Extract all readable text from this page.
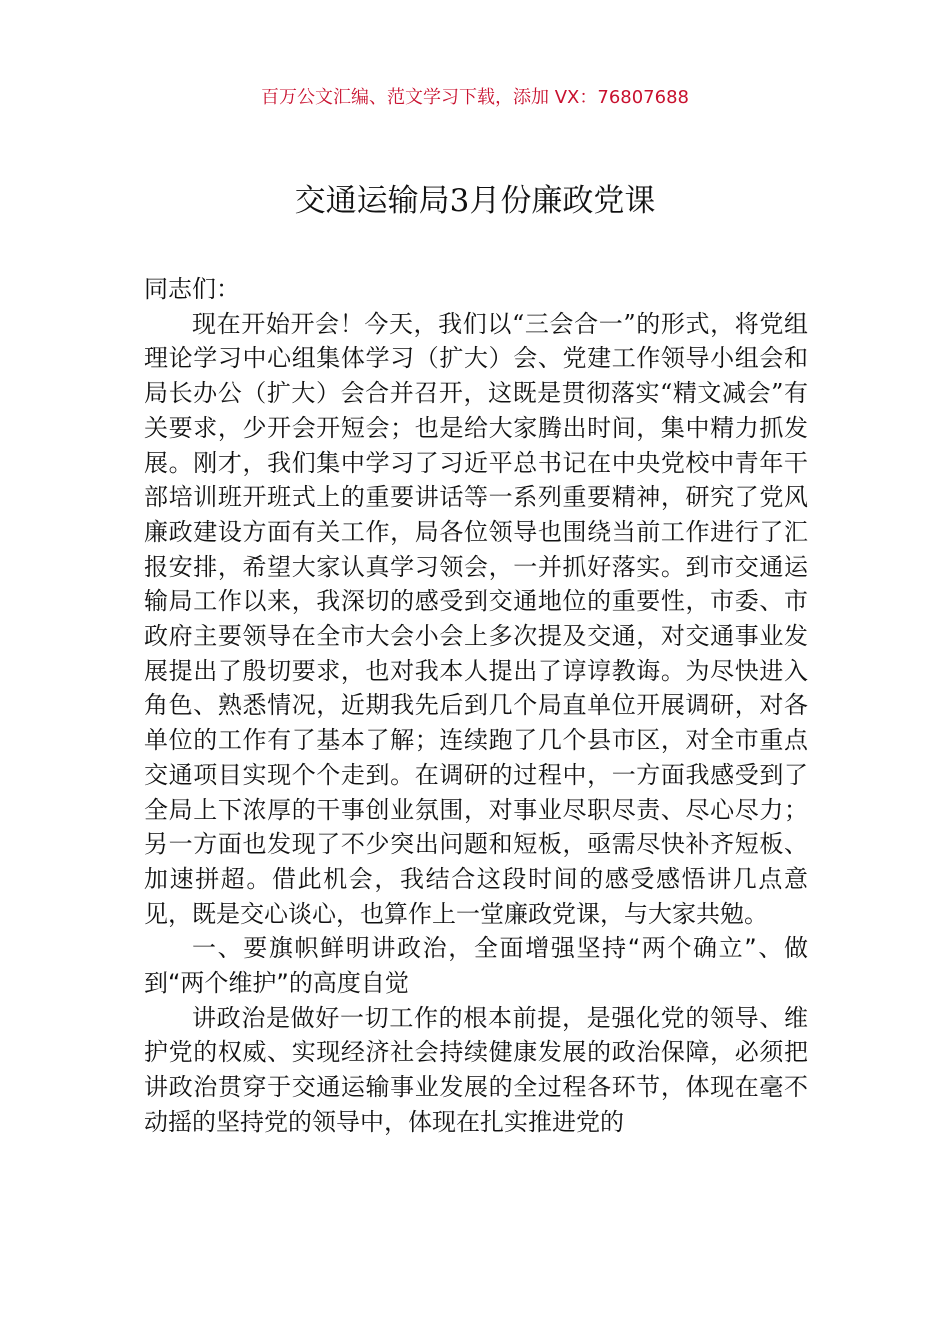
百万公文汇编、范文学习下载，添加 VX：76807688
交通运输局3月份廉政党课

同志们：

现在开始开会！今天，我们以“三会合一”的形式，将党组理论学习中心组集体学习（扩大）会、党建工作领导小组会和局长办公（扩大）会合并召开，这既是贯彻落实“精文减会”有关要求，少开会开短会；也是给大家腾出时间，集中精力抓发展。刚才，我们集中学习了习近平总书记在中央党校中青年干部培训班开班式上的重要讲话等一系列重要精神，研究了党风廉政建设方面有关工作，局各位领导也围绕当前工作进行了汇报安排，希望大家认真学习领会，一并抓好落实。到市交通运输局工作以来，我深切的感受到交通地位的重要性，市委、市政府主要领导在全市大会小会上多次提及交通，对交通事业发展提出了殷切要求，也对我本人提出了谆谆教诲。为尽快进入角色、熟悉情况，近期我先后到几个局直单位开展调研，对各单位的工作有了基本了解；连续跑了几个县市区，对全市重点交通项目实现个个走到。在调研的过程中，一方面我感受到了全局上下浓厚的干事创业氛围，对事业尽职尽责、尽心尽力；另一方面也发现了不少突出问题和短板，亟需尽快补齐短板、加速拼超。借此机会，我结合这段时间的感受感悟讲几点意见，既是交心谈心，也算作上一堂廉政党课，与大家共勉。

一、要旗帜鲜明讲政治，全面增强坚持“两个确立”、做到“两个维护”的高度自觉

讲政治是做好一切工作的根本前提，是强化党的领导、维护党的权威、实现经济社会持续健康发展的政治保障，必须把讲政治贯穿于交通运输事业发展的全过程各环节，体现在毫不动摇的坚持党的领导中，体现在扎实推进党的
